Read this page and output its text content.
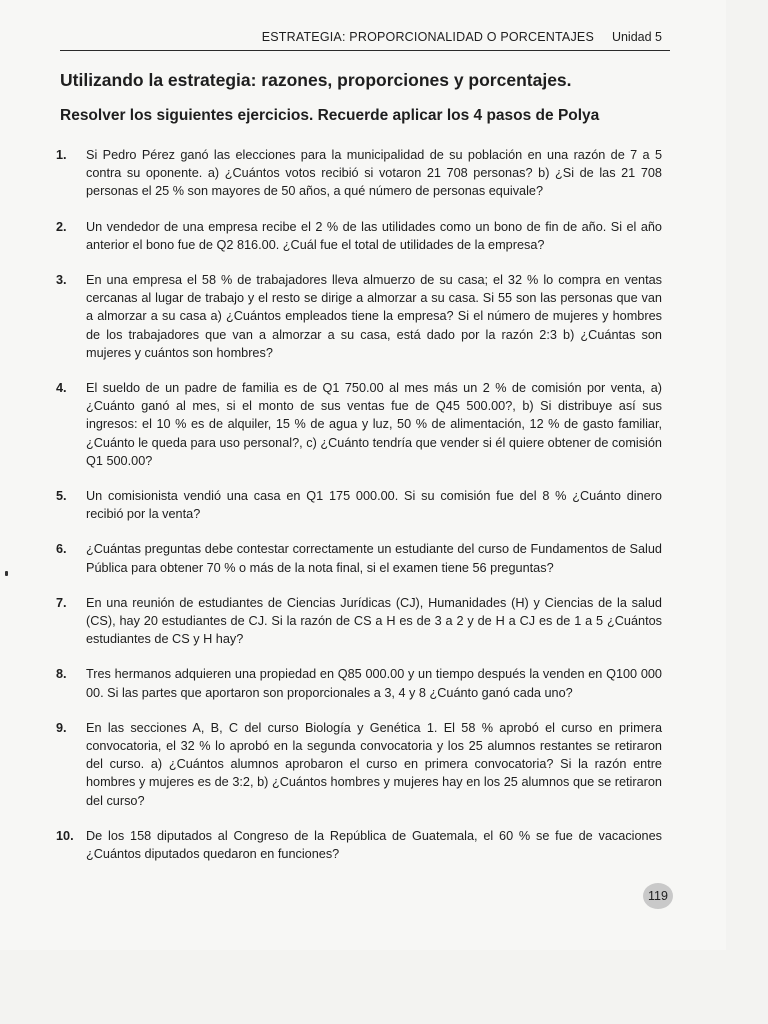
ESTRATEGIA: PROPORCIONALIDAD O PORCENTAJES Unidad 5
Utilizando la estrategia: razones, proporciones y porcentajes.
Resolver los siguientes ejercicios. Recuerde aplicar los 4 pasos de Polya
1. Si Pedro Pérez ganó las elecciones para la municipalidad de su población en una razón de 7 a 5 contra su oponente. a) ¿Cuántos votos recibió si votaron 21 708 personas? b) ¿Si de las 21 708 personas el 25 % son mayores de 50 años, a qué número de personas equivale?
2. Un vendedor de una empresa recibe el 2 % de las utilidades como un bono de fin de año. Si el año anterior el bono fue de Q2 816.00. ¿Cuál fue el total de utilidades de la empresa?
3. En una empresa el 58 % de trabajadores lleva almuerzo de su casa; el 32 % lo compra en ventas cercanas al lugar de trabajo y el resto se dirige a almorzar a su casa. Si 55 son las personas que van a almorzar a su casa a) ¿Cuántos empleados tiene la empresa? Si el número de mujeres y hombres de los trabajadores que van a almorzar a su casa, está dado por la razón 2:3 b) ¿Cuántas son mujeres y cuántos son hombres?
4. El sueldo de un padre de familia es de Q1 750.00 al mes más un 2 % de comisión por venta, a) ¿Cuánto ganó al mes, si el monto de sus ventas fue de Q45 500.00?, b) Si distribuye así sus ingresos: el 10 % es de alquiler, 15 % de agua y luz, 50 % de alimentación, 12 % de gasto familiar, ¿Cuánto le queda para uso personal?, c) ¿Cuánto tendría que vender si él quiere obtener de comisión Q1 500.00?
5. Un comisionista vendió una casa en Q1 175 000.00. Si su comisión fue del 8 % ¿Cuánto dinero recibió por la venta?
6. ¿Cuántas preguntas debe contestar correctamente un estudiante del curso de Fundamentos de Salud Pública para obtener 70 % o más de la nota final, si el examen tiene 56 preguntas?
7. En una reunión de estudiantes de Ciencias Jurídicas (CJ), Humanidades (H) y Ciencias de la salud (CS), hay 20 estudiantes de CJ. Si la razón de CS a H es de 3 a 2 y de H a CJ es de 1 a 5 ¿Cuántos estudiantes de CS y H hay?
8. Tres hermanos adquieren una propiedad en Q85 000.00 y un tiempo después la venden en Q100 000 00. Si las partes que aportaron son proporcionales a 3, 4 y 8 ¿Cuánto ganó cada uno?
9. En las secciones A, B, C del curso Biología y Genética 1. El 58 % aprobó el curso en primera convocatoria, el 32 % lo aprobó en la segunda convocatoria y los 25 alumnos restantes se retiraron del curso. a) ¿Cuántos alumnos aprobaron el curso en primera convocatoria? Si la razón entre hombres y mujeres es de 3:2, b) ¿Cuántos hombres y mujeres hay en los 25 alumnos que se retiraron del curso?
10. De los 158 diputados al Congreso de la República de Guatemala, el 60 % se fue de vacaciones ¿Cuántos diputados quedaron en funciones?
119
